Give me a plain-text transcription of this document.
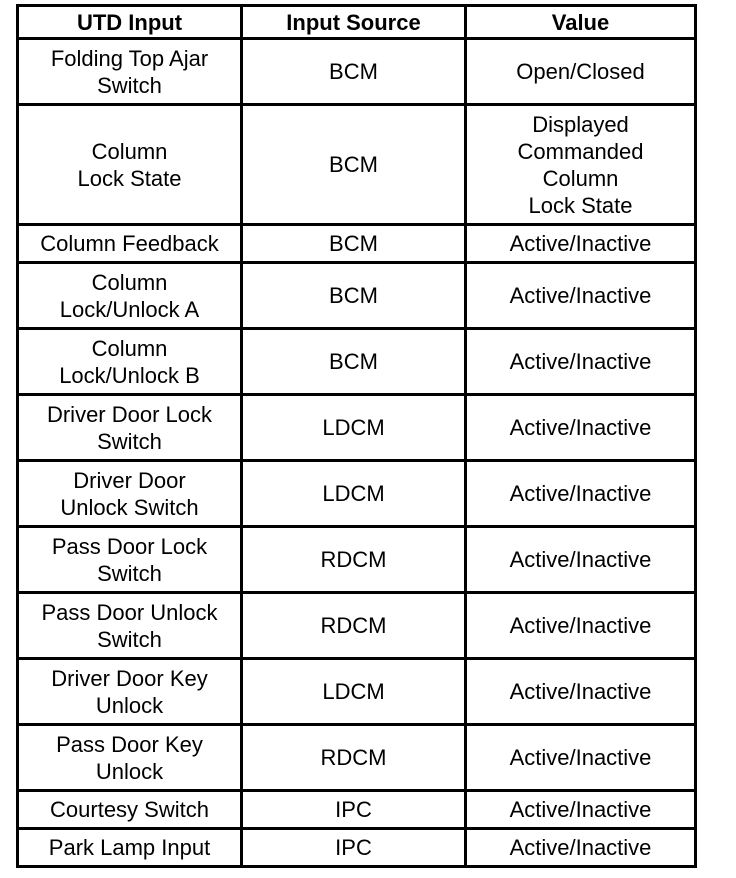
UTD Input	Input Source	Value

Folding Top Ajar
Switch	BCM	Open/Closed

Column
Lock State	BCM	Displayed
Commanded
Column
Lock State

Column Feedback	BCM	Active/Inactive

Column
Lock/Unlock A	BCM	Active/Inactive

Column
Lock/Unlock B	BCM	Active/Inactive

Driver Door Lock
Switch	LDCM	Active/Inactive

Driver Door
Unlock Switch	LDCM	Active/Inactive

Pass Door Lock
Switch	RDCM	Active/Inactive

Pass Door Unlock
Switch	RDCM	Active/Inactive

Driver Door Key
Unlock	LDCM	Active/Inactive

Pass Door Key
Unlock	RDCM	Active/Inactive

Courtesy Switch	IPC	Active/Inactive

Park Lamp Input	IPC	Active/Inactive
